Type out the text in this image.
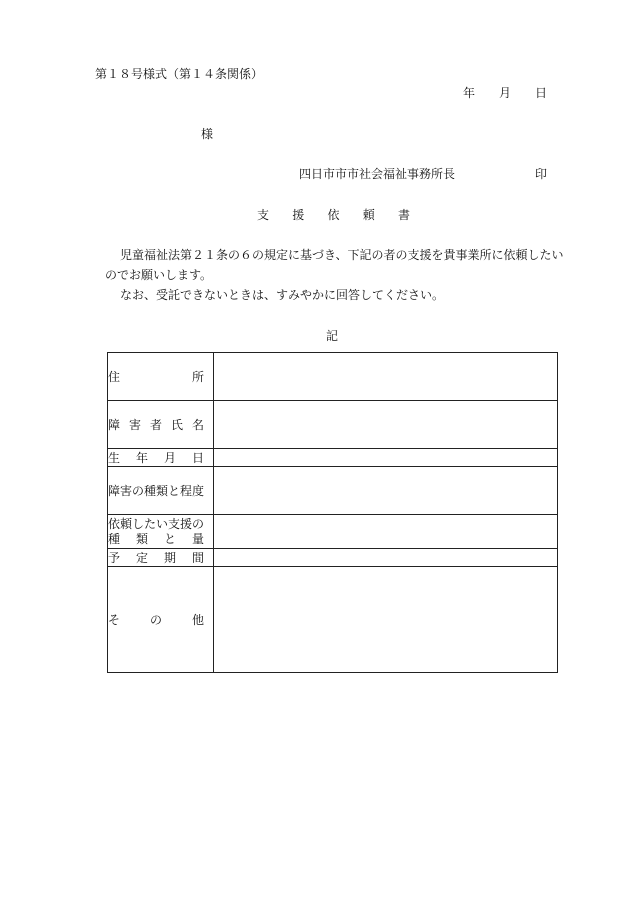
第１８号様式（第１４条関係）
年 月 日
様
四日市市市社会福祉事務所長	印
支 援 依 頼 書
児童福祉法第２１条の６の規定に基づき、下記の者の支援を貴事業所に依頼したいのでお願いします。
なお、受託できないときは、すみやかに回答してください。
記
住 所	

障 害 者 氏 名	

生 年 月 日	

障害の種類と程度	

依頼したい支援の
種 類 と 量	

予 定 期 間	

そ の 他	
